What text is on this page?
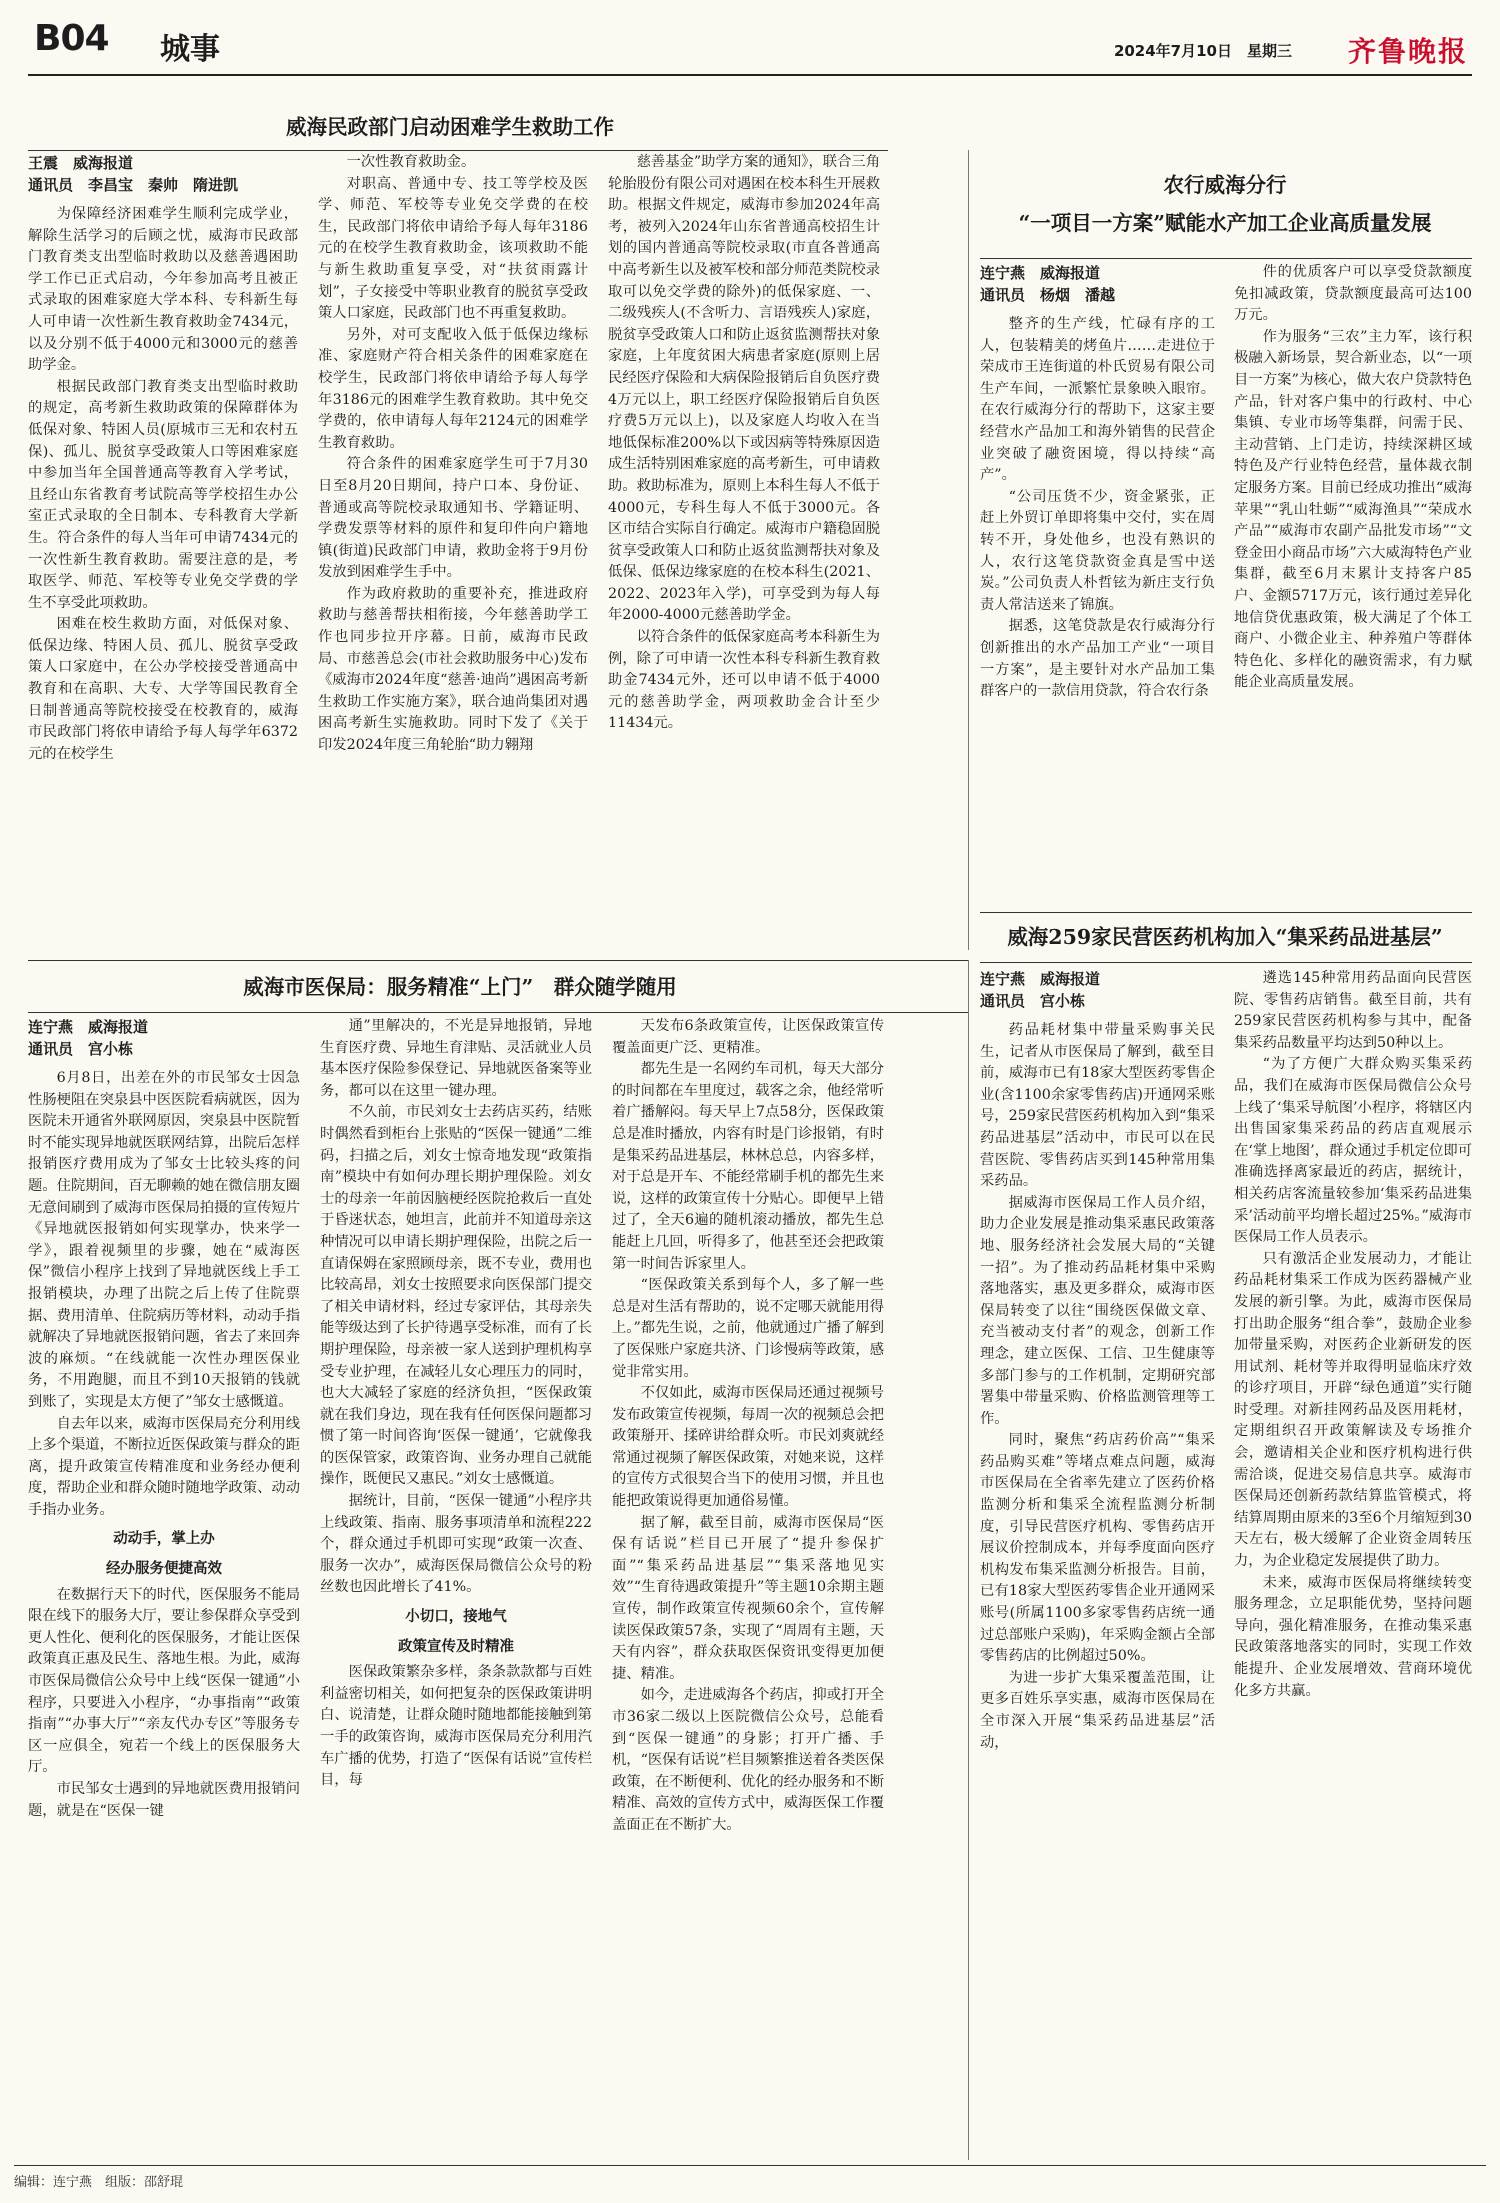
B04 城事	2024年7月10日　星期三 齐鲁晚报
威海民政部门启动困难学生救助工作
王震　威海报道
通讯员　李昌宝　秦帅　隋进凯

为保障经济困难学生顺利完成学业，解除生活学习的后顾之忧，威海市民政部门教育类支出型临时救助以及慈善遇困助学工作已正式启动，今年参加高考且被正式录取的困难家庭大学本科、专科新生每人可申请一次性新生教育救助金7434元，以及分别不低于4000元和3000元的慈善助学金。

根据民政部门教育类支出型临时救助的规定，高考新生救助政策的保障群体为低保对象、特困人员(原城市三无和农村五保)、孤儿、脱贫享受政策人口等困难家庭中参加当年全国普通高等教育入学考试，且经山东省教育考试院高等学校招生办公室正式录取的全日制本、专科教育大学新生。符合条件的每人当年可申请7434元的一次性新生教育救助。需要注意的是，考取医学、师范、军校等专业免交学费的学生不享受此项救助。

困难在校生救助方面，对低保对象、低保边缘、特困人员、孤儿、脱贫享受政策人口家庭中，在公办学校接受普通高中教育和在高职、大专、大学等国民教育全日制普通高等院校接受在校教育的，威海市民政部门将依申请给予每人每学年6372元的在校学生

一次性教育救助金。

对职高、普通中专、技工等学校及医学、师范、军校等专业免交学费的在校生，民政部门将依申请给予每人每年3186元的在校学生教育救助金，该项救助不能与新生救助重复享受，对“扶贫雨露计划”，子女接受中等职业教育的脱贫享受政策人口家庭，民政部门也不再重复救助。

另外，对可支配收入低于低保边缘标准、家庭财产符合相关条件的困难家庭在校学生，民政部门将依申请给予每人每学年3186元的困难学生教育救助。其中免交学费的，依申请每人每年2124元的困难学生教育救助。

符合条件的困难家庭学生可于7月30日至8月20日期间，持户口本、身份证、普通或高等院校录取通知书、学籍证明、学费发票等材料的原件和复印件向户籍地镇(街道)民政部门申请，救助金将于9月份发放到困难学生手中。

作为政府救助的重要补充，推进政府救助与慈善帮扶相衔接，今年慈善助学工作也同步拉开序幕。日前，威海市民政局、市慈善总会(市社会救助服务中心)发布《威海市2024年度“慈善·迪尚”遇困高考新生救助工作实施方案》，联合迪尚集团对遇困高考新生实施救助。同时下发了《关于印发2024年度三角轮胎“助力翱翔

慈善基金”助学方案的通知》，联合三角轮胎股份有限公司对遇困在校本科生开展救助。根据文件规定，威海市参加2024年高考，被列入2024年山东省普通高校招生计划的国内普通高等院校录取(市直各普通高中高考新生以及被军校和部分师范类院校录取可以免交学费的除外)的低保家庭、一、二级残疾人(不含听力、言语残疾人)家庭，脱贫享受政策人口和防止返贫监测帮扶对象家庭，上年度贫困大病患者家庭(原则上居民经医疗保险和大病保险报销后自负医疗费4万元以上，职工经医疗保险报销后自负医疗费5万元以上)，以及家庭人均收入在当地低保标准200%以下或因病等特殊原因造成生活特别困难家庭的高考新生，可申请救助。救助标准为，原则上本科生每人不低于4000元，专科生每人不低于3000元。各区市结合实际自行确定。威海市户籍稳固脱贫享受政策人口和防止返贫监测帮扶对象及低保、低保边缘家庭的在校本科生(2021、2022、2023年入学)，可享受到为每人每年2000-4000元慈善助学金。

以符合条件的低保家庭高考本科新生为例，除了可申请一次性本科专科新生教育救助金7434元外，还可以申请不低于4000元的慈善助学金，两项救助金合计至少11434元。

农行威海分行
“一项目一方案”赋能水产加工企业高质量发展
连宁燕　威海报道
通讯员　杨烟　潘越

整齐的生产线，忙碌有序的工人，包装精美的烤鱼片……走进位于荣成市王连街道的朴氏贸易有限公司生产车间，一派繁忙景象映入眼帘。在农行威海分行的帮助下，这家主要经营水产品加工和海外销售的民营企业突破了融资困境，得以持续“高产”。

“公司压货不少，资金紧张，正赶上外贸订单即将集中交付，实在周转不开，身处他乡，也没有熟识的人，农行这笔贷款资金真是雪中送炭。”公司负责人朴哲铉为新庄支行负责人常洁送来了锦旗。

据悉，这笔贷款是农行威海分行创新推出的水产品加工产业“一项目一方案”，是主要针对水产品加工集群客户的一款信用贷款，符合农行条

件的优质客户可以享受贷款额度免扣减政策，贷款额度最高可达100万元。

作为服务“三农”主力军，该行积极融入新场景，契合新业态，以“一项目一方案”为核心，做大农户贷款特色产品，针对客户集中的行政村、中心集镇、专业市场等集群，问需于民、主动营销、上门走访，持续深耕区域特色及产行业特色经营，量体裁衣制定服务方案。目前已经成功推出“威海苹果”“乳山牡蛎”“威海渔具”“荣成水产品”“威海市农副产品批发市场”“文登金田小商品市场”六大威海特色产业集群，截至6月末累计支持客户85户、金额5717万元，该行通过差异化地信贷优惠政策，极大满足了个体工商户、小微企业主、种养殖户等群体特色化、多样化的融资需求，有力赋能企业高质量发展。

威海市医保局：服务精准“上门”　群众随学随用
连宁燕　威海报道
通讯员　宫小栋

6月8日，出差在外的市民邹女士因急性肠梗阻在突泉县中医医院看病就医，因为医院未开通省外联网原因，突泉县中医院暂时不能实现异地就医联网结算，出院后怎样报销医疗费用成为了邹女士比较头疼的问题。住院期间，百无聊赖的她在微信朋友圈无意间刷到了威海市医保局拍摄的宣传短片《异地就医报销如何实现掌办，快来学一学》，跟着视频里的步骤，她在“威海医保”微信小程序上找到了异地就医线上手工报销模块，办理了出院之后上传了住院票据、费用清单、住院病历等材料，动动手指就解决了异地就医报销问题，省去了来回奔波的麻烦。“在线就能一次性办理医保业务，不用跑腿，而且不到10天报销的钱就到账了，实现是太方便了”邹女士感慨道。

自去年以来，威海市医保局充分利用线上多个渠道，不断拉近医保政策与群众的距离，提升政策宣传精准度和业务经办便利度，帮助企业和群众随时随地学政策、动动手指办业务。

动动手，掌上办

经办服务便捷高效

在数据行天下的时代，医保服务不能局限在线下的服务大厅，要让参保群众享受到更人性化、便利化的医保服务，才能让医保政策真正惠及民生、落地生根。为此，威海市医保局微信公众号中上线“医保一键通”小程序，只要进入小程序，“办事指南”“政策指南”“办事大厅”“亲友代办专区”等服务专区一应俱全，宛若一个线上的医保服务大厅。

市民邹女士遇到的异地就医费用报销问题，就是在“医保一键

通”里解决的，不光是异地报销，异地生育医疗费、异地生育津贴、灵活就业人员基本医疗保险参保登记、异地就医备案等业务，都可以在这里一键办理。

不久前，市民刘女士去药店买药，结账时偶然看到柜台上张贴的“医保一键通”二维码，扫描之后，刘女士惊奇地发现“政策指南”模块中有如何办理长期护理保险。刘女士的母亲一年前因脑梗经医院抢救后一直处于昏迷状态，她坦言，此前并不知道母亲这种情况可以申请长期护理保险，出院之后一直请保姆在家照顾母亲，既不专业，费用也比较高昂，刘女士按照要求向医保部门提交了相关申请材料，经过专家评估，其母亲失能等级达到了长护待遇享受标准，而有了长期护理保险，母亲被一家人送到护理机构享受专业护理，在减轻儿女心理压力的同时，也大大减轻了家庭的经济负担，“医保政策就在我们身边，现在我有任何医保问题都习惯了第一时间咨询‘医保一键通’，它就像我的医保管家，政策咨询、业务办理自己就能操作，既便民又惠民。”刘女士感慨道。

据统计，目前，“医保一键通”小程序共上线政策、指南、服务事项清单和流程222个，群众通过手机即可实现“政策一次查、服务一次办”，威海医保局微信公众号的粉丝数也因此增长了41%。

小切口，接地气

政策宣传及时精准

医保政策繁杂多样，条条款款都与百姓利益密切相关，如何把复杂的医保政策讲明白、说清楚，让群众随时随地都能接触到第一手的政策咨询，威海市医保局充分利用汽车广播的优势，打造了“医保有话说”宣传栏目，每

天发布6条政策宣传，让医保政策宣传覆盖面更广泛、更精准。

都先生是一名网约车司机，每天大部分的时间都在车里度过，载客之余，他经常听着广播解闷。每天早上7点58分，医保政策总是准时播放，内容有时是门诊报销，有时是集采药品进基层，林林总总，内容多样，对于总是开车、不能经常刷手机的都先生来说，这样的政策宣传十分贴心。即便早上错过了，全天6遍的随机滚动播放，都先生总能赶上几回，听得多了，他甚至还会把政策第一时间告诉家里人。

“医保政策关系到每个人，多了解一些总是对生活有帮助的，说不定哪天就能用得上。”都先生说，之前，他就通过广播了解到了医保账户家庭共济、门诊慢病等政策，感觉非常实用。

不仅如此，威海市医保局还通过视频号发布政策宣传视频，每周一次的视频总会把政策掰开、揉碎讲给群众听。市民刘爽就经常通过视频了解医保政策，对她来说，这样的宣传方式很契合当下的使用习惯，并且也能把政策说得更加通俗易懂。

据了解，截至目前，威海市医保局“医保有话说”栏目已开展了“提升参保扩面”“集采药品进基层”“集采落地见实效”“生育待遇政策提升”等主题10余期主题宣传，制作政策宣传视频60余个，宣传解读医保政策57条，实现了“周周有主题，天天有内容”，群众获取医保资讯变得更加便捷、精准。

如今，走进威海各个药店，抑或打开全市36家二级以上医院微信公众号，总能看到“医保一键通”的身影；打开广播、手机，“医保有话说”栏目频繁推送着各类医保政策，在不断便利、优化的经办服务和不断精准、高效的宣传方式中，威海医保工作覆盖面正在不断扩大。

威海259家民营医药机构加入“集采药品进基层”
连宁燕　威海报道
通讯员　宫小栋

药品耗材集中带量采购事关民生，记者从市医保局了解到，截至目前，威海市已有18家大型医药零售企业(含1100余家零售药店)开通网采账号，259家民营医药机构加入到“集采药品进基层”活动中，市民可以在民营医院、零售药店买到145种常用集采药品。

据威海市医保局工作人员介绍，助力企业发展是推动集采惠民政策落地、服务经济社会发展大局的“关键一招”。为了推动药品耗材集中采购落地落实，惠及更多群众，威海市医保局转变了以往“围绕医保做文章、充当被动支付者”的观念，创新工作理念，建立医保、工信、卫生健康等多部门参与的工作机制，定期研究部署集中带量采购、价格监测管理等工作。

同时，聚焦“药店药价高”“集采药品购买难”等堵点难点问题，威海市医保局在全省率先建立了医药价格监测分析和集采全流程监测分析制度，引导民营医疗机构、零售药店开展议价控制成本，并每季度面向医疗机构发布集采监测分析报告。目前，已有18家大型医药零售企业开通网采账号(所属1100多家零售药店统一通过总部账户采购)，年采购金额占全部零售药店的比例超过50%。

为进一步扩大集采覆盖范围，让更多百姓乐享实惠，威海市医保局在全市深入开展“集采药品进基层”活动，

遴选145种常用药品面向民营医院、零售药店销售。截至目前，共有259家民营医药机构参与其中，配备集采药品数量平均达到50种以上。

“为了方便广大群众购买集采药品，我们在威海市医保局微信公众号上线了‘集采导航图’小程序，将辖区内出售国家集采药品的药店直观展示在‘掌上地图’，群众通过手机定位即可准确选择离家最近的药店，据统计，相关药店客流量较参加‘集采药品进集采’活动前平均增长超过25%。”威海市医保局工作人员表示。

只有激活企业发展动力，才能让药品耗材集采工作成为医药器械产业发展的新引擎。为此，威海市医保局打出助企服务“组合拳”，鼓励企业参加带量采购，对医药企业新研发的医用试剂、耗材等并取得明显临床疗效的诊疗项目，开辟“绿色通道”实行随时受理。对新挂网药品及医用耗材，定期组织召开政策解读及专场推介会，邀请相关企业和医疗机构进行供需洽谈，促进交易信息共享。威海市医保局还创新药款结算监管模式，将结算周期由原来的3至6个月缩短到30天左右，极大缓解了企业资金周转压力，为企业稳定发展提供了助力。

未来，威海市医保局将继续转变服务理念，立足职能优势，坚持问题导向，强化精准服务，在推动集采惠民政策落地落实的同时，实现工作效能提升、企业发展增效、营商环境优化多方共赢。

编辑：连宁燕　组版：邵舒琨
